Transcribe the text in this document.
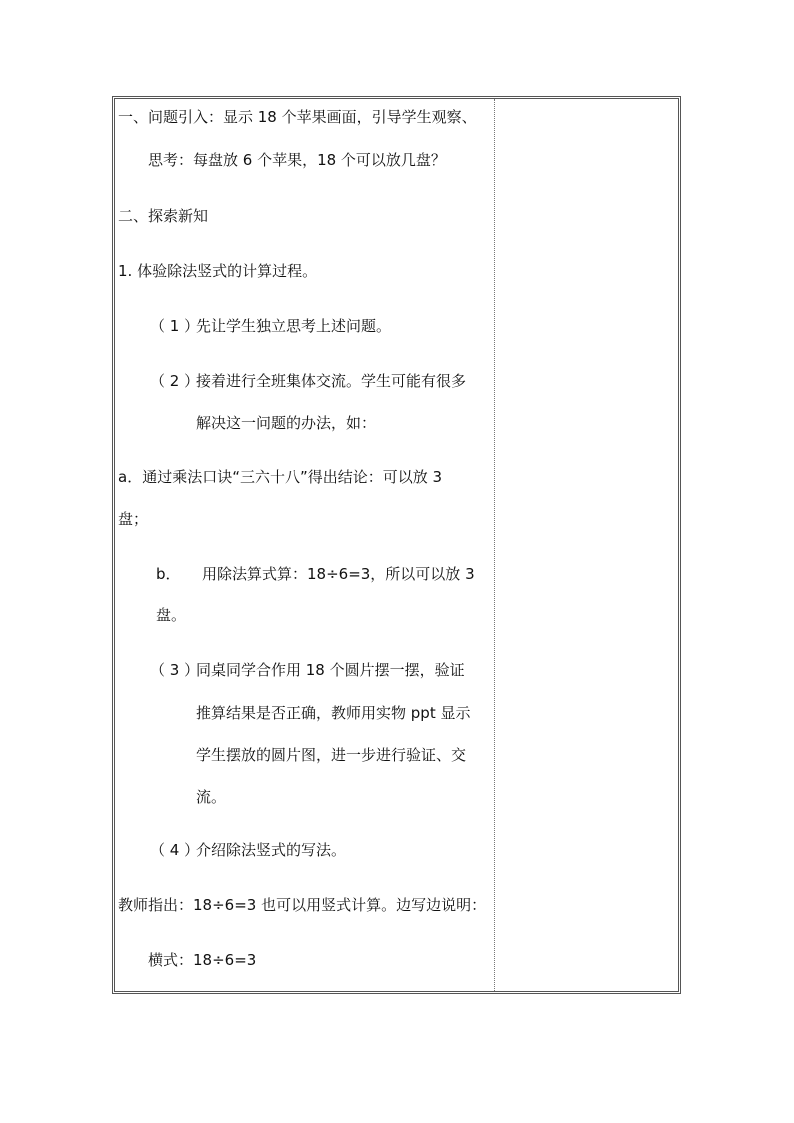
一、问题引入：显示 18 个苹果画面，引导学生观察、
思考：每盘放 6 个苹果，18 个可以放几盘？
二、探索新知
1. 体验除法竖式的计算过程。
（ 1 ）
先让学生独立思考上述问题。
（ 2 ）
接着进行全班集体交流。学生可能有很多
解决这一问题的办法，如：
a．通过乘法口诀“三六十八”得出结论：可以放 3
盘；
b． 用除法算式算：18÷6=3，所以可以放 3
盘。
（ 3 ）
同桌同学合作用 18 个圆片摆一摆，验证
推算结果是否正确，教师用实物 ppt 显示
学生摆放的圆片图，进一步进行验证、交
流。
（ 4 ）
介绍除法竖式的写法。
教师指出：18÷6=3 也可以用竖式计算。边写边说明：
横式：18÷6=3
